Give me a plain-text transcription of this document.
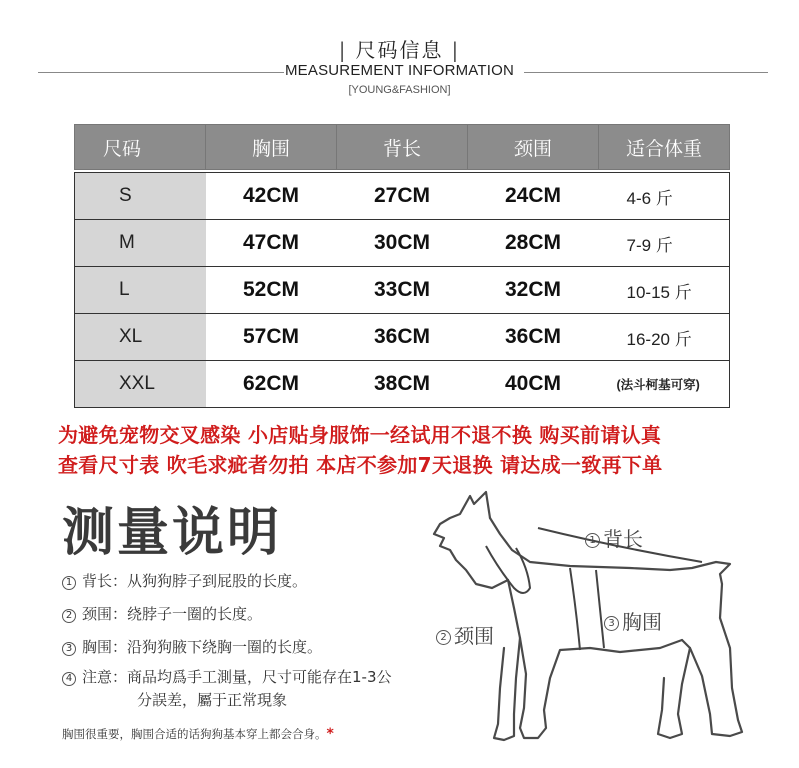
| 尺码信息 |
MEASUREMENT INFORMATION
[YOUNG&FASHION]
尺码	胸围	背长	颈围	适合体重

S	42CM	27CM	24CM	4-6 斤
M	47CM	30CM	28CM	7-9 斤
L	52CM	33CM	32CM	10-15 斤
XL	57CM	36CM	36CM	16-20 斤
XXL	62CM	38CM	40CM	(法斗柯基可穿)
为避免宠物交叉感染 小店贴身服饰一经试用不退不换 购买前请认真
查看尺寸表 吹毛求疵者勿拍 本店不参加7天退换 请达成一致再下单
测量说明
1 背长：从狗狗脖子到屁股的长度。
2 颈围：绕脖子一圈的长度。
3 胸围：沿狗狗腋下绕胸一圈的长度。
4 注意：商品均爲手工測量，尺寸可能存在1-3公
分誤差，屬于正常現象
胸围很重要，胸围合适的话狗狗基本穿上都会合身。*
1 背长
2 颈围
3 胸围
